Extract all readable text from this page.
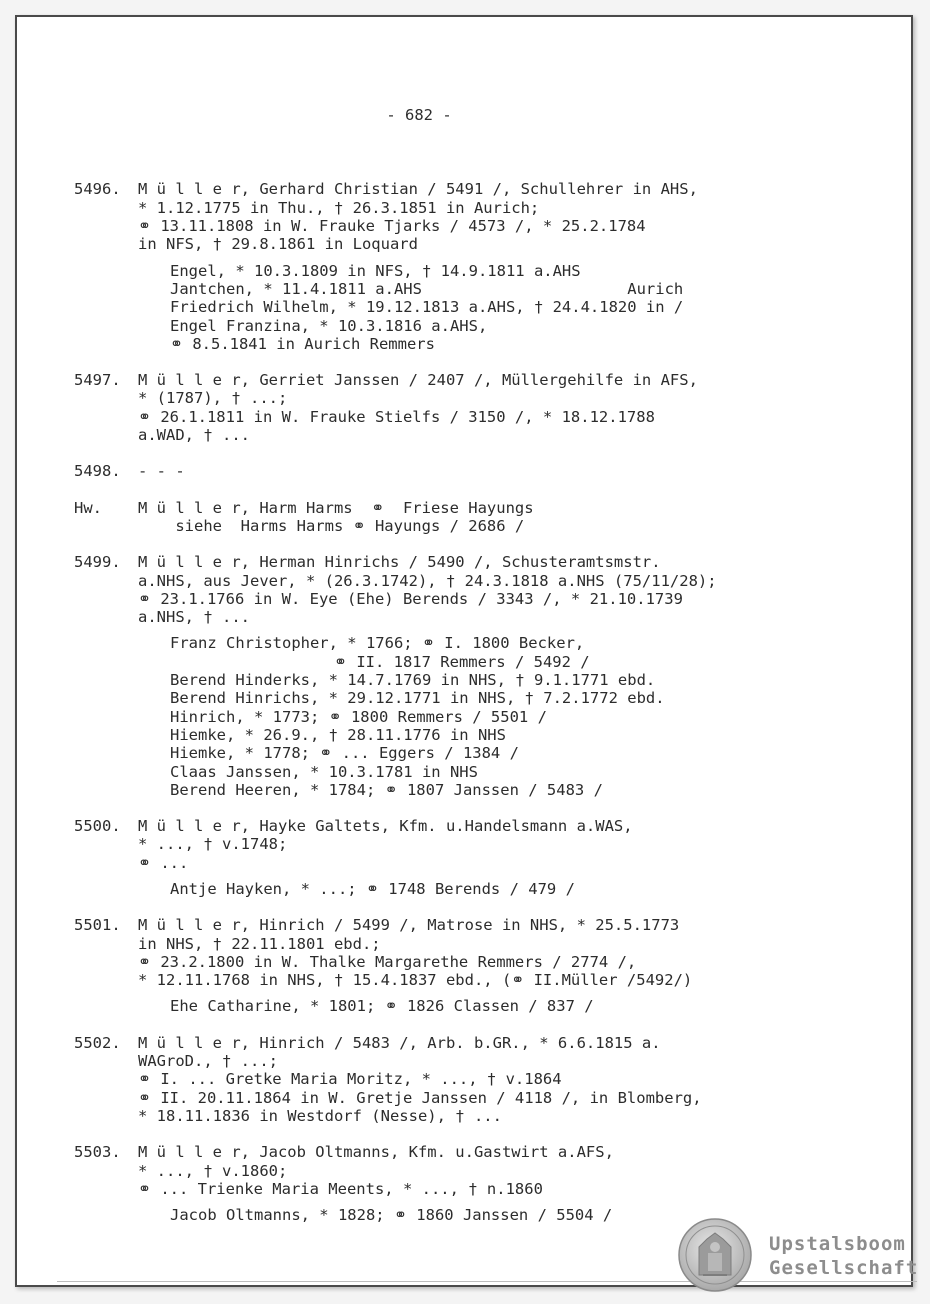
- 682 -

5496. M ü l l e r, Gerhard Christian / 5491 /, Schullehrer in AHS,
* 1.12.1775 in Thu., † 26.3.1851 in Aurich;
⚭ 13.11.1808 in W. Frauke Tjarks / 4573 /, * 25.2.1784
in NFS, † 29.8.1861 in Loquard
Engel, * 10.3.1809 in NFS, † 14.9.1811 a.AHS
Jantchen, * 11.4.1811 a.AHS                      Aurich
Friedrich Wilhelm, * 19.12.1813 a.AHS, † 24.4.1820 in /
Engel Franzina, * 10.3.1816 a.AHS,
⚭ 8.5.1841 in Aurich Remmers
5497. M ü l l e r, Gerriet Janssen / 2407 /, Müllergehilfe in AFS,
* (1787), † ...;
⚭ 26.1.1811 in W. Frauke Stielfs / 3150 /, * 18.12.1788
a.WAD, † ...
5498. - - -
Hw. M ü l l e r, Harm Harms  ⚭  Friese Hayungs
siehe  Harms Harms ⚭ Hayungs / 2686 /
5499. M ü l l e r, Herman Hinrichs / 5490 /, Schusteramtsmstr.
a.NHS, aus Jever, * (26.3.1742), † 24.3.1818 a.NHS (75/11/28);
⚭ 23.1.1766 in W. Eye (Ehe) Berends / 3343 /, * 21.10.1739
a.NHS, † ...
Franz Christopher, * 1766; ⚭ I. 1800 Becker,
⚭ II. 1817 Remmers / 5492 /
Berend Hinderks, * 14.7.1769 in NHS, † 9.1.1771 ebd.
Berend Hinrichs, * 29.12.1771 in NHS, † 7.2.1772 ebd.
Hinrich, * 1773; ⚭ 1800 Remmers / 5501 /
Hiemke, * 26.9., † 28.11.1776 in NHS
Hiemke, * 1778; ⚭ ... Eggers / 1384 /
Claas Janssen, * 10.3.1781 in NHS
Berend Heeren, * 1784; ⚭ 1807 Janssen / 5483 /
5500. M ü l l e r, Hayke Galtets, Kfm. u.Handelsmann a.WAS,
* ..., † v.1748;
⚭ ...
Antje Hayken, * ...; ⚭ 1748 Berends / 479 /
5501. M ü l l e r, Hinrich / 5499 /, Matrose in NHS, * 25.5.1773
in NHS, † 22.11.1801 ebd.;
⚭ 23.2.1800 in W. Thalke Margarethe Remmers / 2774 /,
* 12.11.1768 in NHS, † 15.4.1837 ebd., (⚭ II.Müller /5492/)
Ehe Catharine, * 1801; ⚭ 1826 Classen / 837 /
5502. M ü l l e r, Hinrich / 5483 /, Arb. b.GR., * 6.6.1815 a.
WAGroD., † ...;
⚭ I. ... Gretke Maria Moritz, * ..., † v.1864
⚭ II. 20.11.1864 in W. Gretje Janssen / 4118 /, in Blomberg,
* 18.11.1836 in Westdorf (Nesse), † ...
5503. M ü l l e r, Jacob Oltmanns, Kfm. u.Gastwirt a.AFS,
* ..., † v.1860;
⚭ ... Trienke Maria Meents, * ..., † n.1860
Jacob Oltmanns, * 1828; ⚭ 1860 Janssen / 5504 /

Upstalsboom
Gesellschaft
